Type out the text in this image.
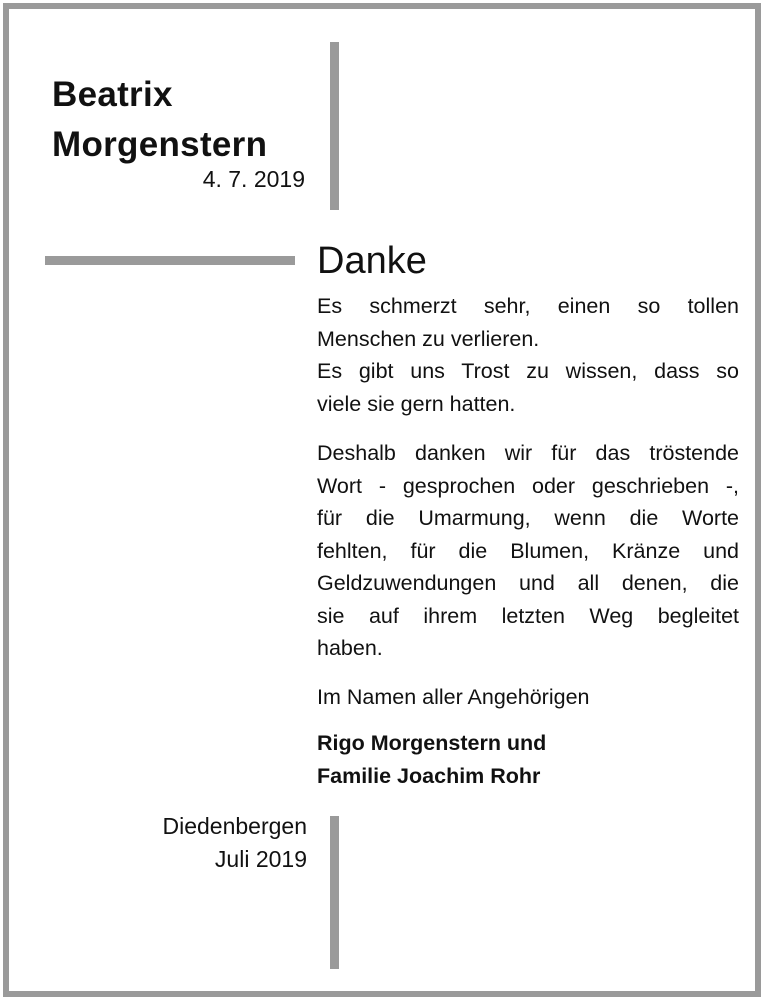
Beatrix
Morgenstern
4. 7. 2019
Danke
Es schmerzt sehr, einen so tollen
Menschen zu verlieren.
Es gibt uns Trost zu wissen, dass so
viele sie gern hatten.
Deshalb danken wir für das tröstende
Wort - gesprochen oder geschrieben -,
für die Umarmung, wenn die Worte
fehlten, für die Blumen, Kränze und
Geldzuwendungen und all denen, die
sie auf ihrem letzten Weg begleitet
haben.
Im Namen aller Angehörigen
Rigo Morgenstern und
Familie Joachim Rohr
Diedenbergen
Juli 2019
